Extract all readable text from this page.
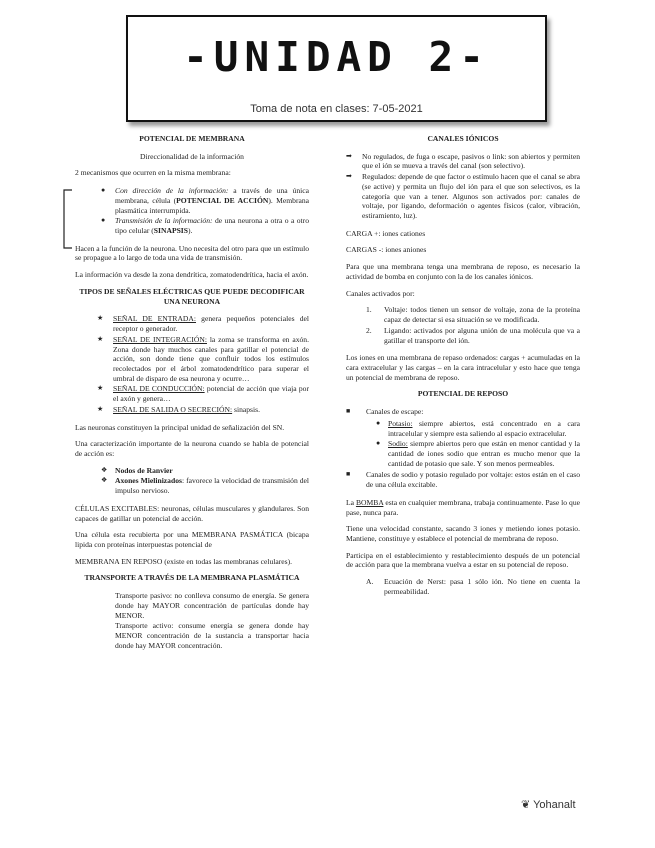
-UNIDAD 2-
Toma de nota en clases: 7-05-2021
POTENCIAL DE MEMBRANA

Direccionalidad de la información

2 mecanismos que ocurren en la misma membrana:

● Con dirección de la información: a través de una única membrana, célula (POTENCIAL DE ACCIÓN). Membrana plasmática interrumpida.
● Transmisión de la información: de una neurona a otra o a otro tipo celular (SINAPSIS).

Hacen a la función de la neurona. Uno necesita del otro para que un estímulo se propague a lo largo de toda una vida de transmisión.

La información va desde la zona dendrítica, zomatodendrítica, hacia el axón.

TIPOS DE SEÑALES ELÉCTRICAS QUE PUEDE DECODIFICAR UNA NEURONA
★ SEÑAL DE ENTRADA: genera pequeños potenciales del receptor o generador.
★ SEÑAL DE INTEGRACIÓN: la zoma se transforma en axón. Zona donde hay muchos canales para gatillar el potencial de acción, son donde tiene que confluir todos los estímulos recolectados por el árbol zomatodendrítico para superar el umbral de disparo de esa neurona y ocurre…
★ SEÑAL DE CONDUCCIÓN: potencial de acción que viaja por el axón y genera…
★ SEÑAL DE SALIDA O SECRECIÓN: sinapsis.

Las neuronas constituyen la principal unidad de señalización del SN.

Una caracterización importante de la neurona cuando se habla de potencial de acción es:

❖ Nodos de Ranvier
❖ Axones Mielinizados: favorece la velocidad de transmisión del impulso nervioso.

CÉLULAS EXCITABLES: neuronas, células musculares y glandulares. Son capaces de gatillar un potencial de acción.

Una célula esta recubierta por una MEMBRANA PASMÁTICA (bicapa lipida con proteínas interpuestas potencial de

MEMBRANA EN REPOSO (existe en todas las membranas celulares).

TRANSPORTE A TRAVÉS DE LA MEMBRANA PLASMÁTICA
Transporte pasivo: no conlleva consumo de energía. Se genera donde hay MAYOR concentración de partículas donde hay MENOR.
Transporte activo: consume energía se genera donde hay MENOR concentración de la sustancia a transportar hacia donde hay MAYOR concentración.
CANALES IÓNICOS
➡ No regulados, de fuga o escape, pasivos o link: son abiertos y permiten que el ión se mueva a través del canal (son selectivo).
➡ Regulados: depende de que factor o estímulo hacen que el canal se abra (se active) y permita un flujo del ión para el que son selectivos, es la categoría que van a tener. Algunos son activados por: canales de voltaje, por ligando, deformación o agentes físicos (calor, vibración, estiramiento, luz).

CARGA +: iones cationes

CARGAS -: iones aniones

Para que una membrana tenga una membrana de reposo, es necesario la actividad de bomba en conjunto con la de los canales iónicos.

Canales activados por:

1. Voltaje: todos tienen un sensor de voltaje, zona de la proteína capaz de detectar si esa situación se ve modificada.
2. Ligando: activados por alguna unión de una molécula que va a gatillar el transporte del ión.

Los iones en una membrana de repaso ordenados: cargas + acumuladas en la cara extracelular y las cargas – en la cara intracelular y esto hace que tenga un potencial de membrana de reposo.

POTENCIAL DE REPOSO
■ Canales de escape:
● Potasio: siempre abiertos, está concentrado en a cara intracelular y siempre esta saliendo al espacio extracelular.
● Sodio: siempre abiertos pero que están en menor cantidad y la cantidad de iones sodio que entran es mucho menor que la cantidad de potasio que sale. Y son menos permeables.
■ Canales de sodio y potasio regulado por voltaje: estos están en el caso de una célula excitable.

La BOMBA esta en cualquier membrana, trabaja continuamente. Pase lo que pase, nunca para.

Tiene una velocidad constante, sacando 3 iones y metiendo iones potasio. Mantiene, constituye y establece el potencial de membrana de reposo.

Participa en el establecimiento y restablecimiento después de un potencial de acción para que la membrana vuelva a estar en su potencial de reposo.

A. Ecuación de Nerst: pasa 1 sólo ión. No tiene en cuenta la permeabilidad.
❦ Yohanalt
